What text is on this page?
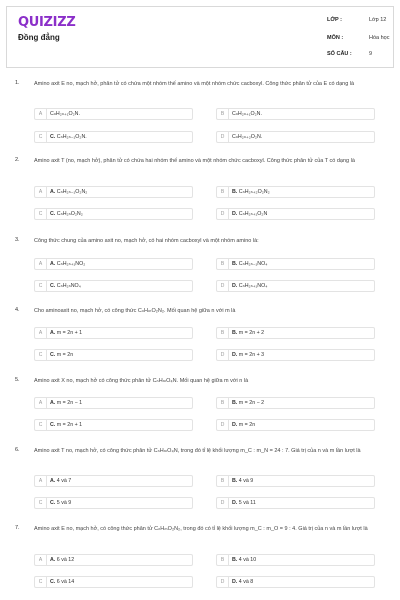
QUIZIZZ
Đồng đẳng
LỚP :	Lớp 12
MÔN :	Hóa học
SỐ CÂU :	9
1.	Amino axit E no, mạch hở, phân tử có chứa một nhóm thế amino và một nhóm chức cacboxyl. Công thức phân tử của E có dạng là
A	CₙH₂ₙ₊₁O₂N.	B	CₙH₂ₙ₊₁O₂N.
C	C. CₙH₂ₙ₋₁O₂N.	D	CₙH₂ₙ₊₂O₂N.
2.	Amino axit T (no, mạch hở), phân tử có chứa hai nhóm thế amino và một nhóm chức cacboxyl. Công thức phân tử của T có dạng là
A	A. CₙH₂ₙ₋₁O₂N₂	B	B. CₙH₂ₙ₊₂O₂N₂
C	C. CₙH₂ₙO₂N₂	D	D. CₙH₂ₙ₊₁O₂N
3.	Công thức chung của amino axit no, mạch hở, có hai nhóm cacboxyl và một nhóm amino là:
A	A. CₙH₂ₙ₊₁NO₂	B	B. CₙH₂ₙ₋₁NO₄
C	C. CₙH₂ₙNO₄	D	D. CₙH₂ₙ₊₁NO₄
4.	Cho aminoaxit no, mạch hở, có công thức CₙHₘO₂N₂. Mối quan hệ giữa n với m là
A	A. m = 2n + 1	B	B. m = 2n + 2
C	C. m = 2n	D	D. m = 2n + 3
5.	Amino axit X no, mạch hở có công thức phân tử CₙHₘO₄N. Mối quan hệ giữa m với n là
A	A. m = 2n − 1	B	B. m = 2n − 2
C	C. m = 2n + 1	D	D. m = 2n
6.	Amino axit T no, mạch hở, có công thức phân tử CₙHₘO₄N, trong đó tỉ lệ khối lượng m_C : m_N = 24 : 7. Giá trị của n và m lần lượt là
A	A. 4 và 7	B	B. 4 và 9
C	C. 5 và 9	D	D. 5 và 11
7.	Amino axit E no, mạch hở, có công thức phân tử CₙHₘO₂N₂, trong đó có tỉ lệ khối lượng m_C : m_O = 9 : 4. Giá trị của n và m lần lượt là
A	A. 6 và 12	B	B. 4 và 10
C	C. 6 và 14	D	D. 4 và 8
